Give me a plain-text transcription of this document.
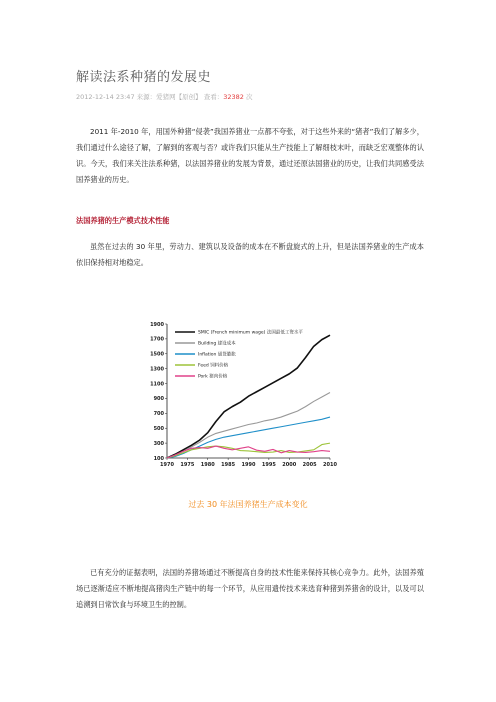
解读法系种猪的发展史
2012-12-14 23:47 来源：爱猪网【原创】 查看：32382 次
2011 年-2010 年，用国外种猪“侵袭”我国养猪业一点都不夸张，对于这些外来的“猪者”我们了解多少，我们通过什么途径了解，了解到的客观与否？或许我们只能从生产技能上了解细枝末叶，而缺乏宏观整体的认识。今天，我们来关注法系种猪，以法国养猪业的发展为背景，通过还原法国猪业的历史，让我们共同感受法国养猪业的历史。
法国养猪的生产模式技术性能
虽然在过去的 30 年里，劳动力、建筑以及设备的成本在不断盘旋式的上升，但是法国养猪业的生产成本依旧保持相对地稳定。
1900
1700
1500
1300
1100
900
700
500
300
100
1970 1975 1980 1985 1990 1995 2000 2005 2010
SMIC (French minimum wage) 法国最低工资水平
Building 建设成本
Inflation 通货膨胀
Feed 饲料价格
Pork 猪肉价格
过去 30 年法国养猪生产成本变化
已有充分的证据表明，法国的养猪场通过不断提高自身的技术性能来保持其核心竞争力。此外，法国养殖场已逐渐适应不断地提高猪肉生产链中的每一个环节，从应用遗传技术来选育种猪到养猪舍的设计，以及可以追溯到日常饮食与环境卫生的控制。
